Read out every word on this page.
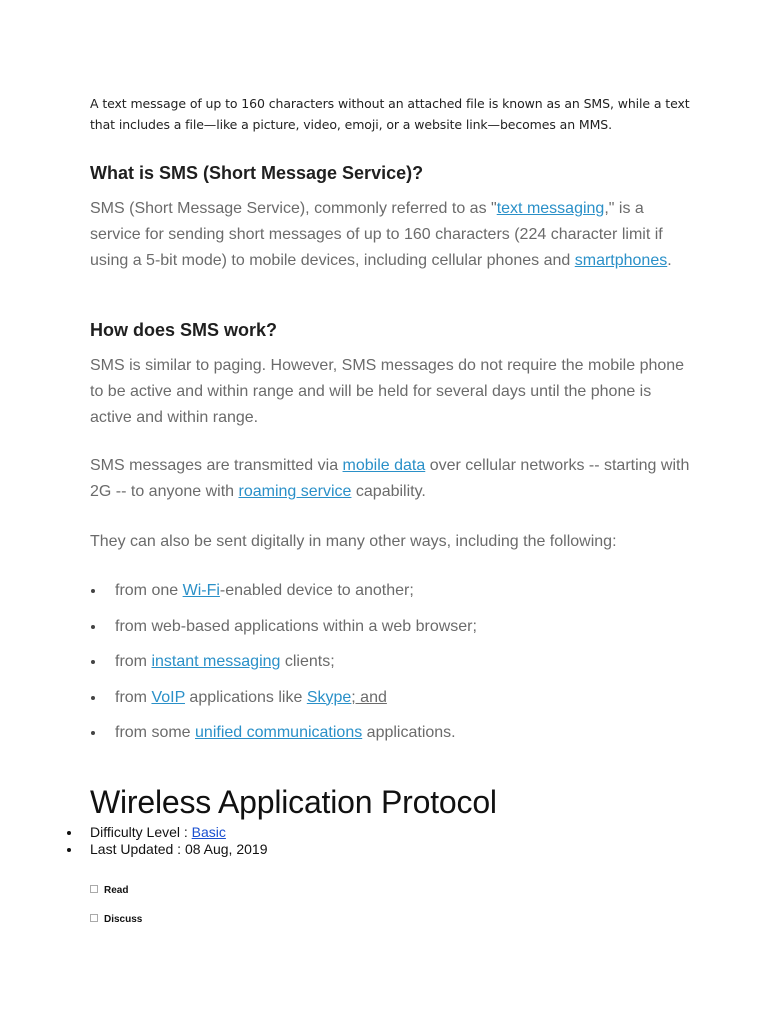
A text message of up to 160 characters without an attached file is known as an SMS, while a text that includes a file—like a picture, video, emoji, or a website link—becomes an MMS.

What is SMS (Short Message Service)?

SMS (Short Message Service), commonly referred to as "text messaging," is a service for sending short messages of up to 160 characters (224 character limit if using a 5-bit mode) to mobile devices, including cellular phones and smartphones.

How does SMS work?

SMS is similar to paging. However, SMS messages do not require the mobile phone to be active and within range and will be held for several days until the phone is active and within range.

SMS messages are transmitted via mobile data over cellular networks -- starting with 2G -- to anyone with roaming service capability.

They can also be sent digitally in many other ways, including the following:

from one Wi-Fi-enabled device to another;
from web-based applications within a web browser;
from instant messaging clients;
from VoIP applications like Skype; and
from some unified communications applications.
Wireless Application Protocol
Difficulty Level : Basic
Last Updated : 08 Aug, 2019
Read
Discuss
